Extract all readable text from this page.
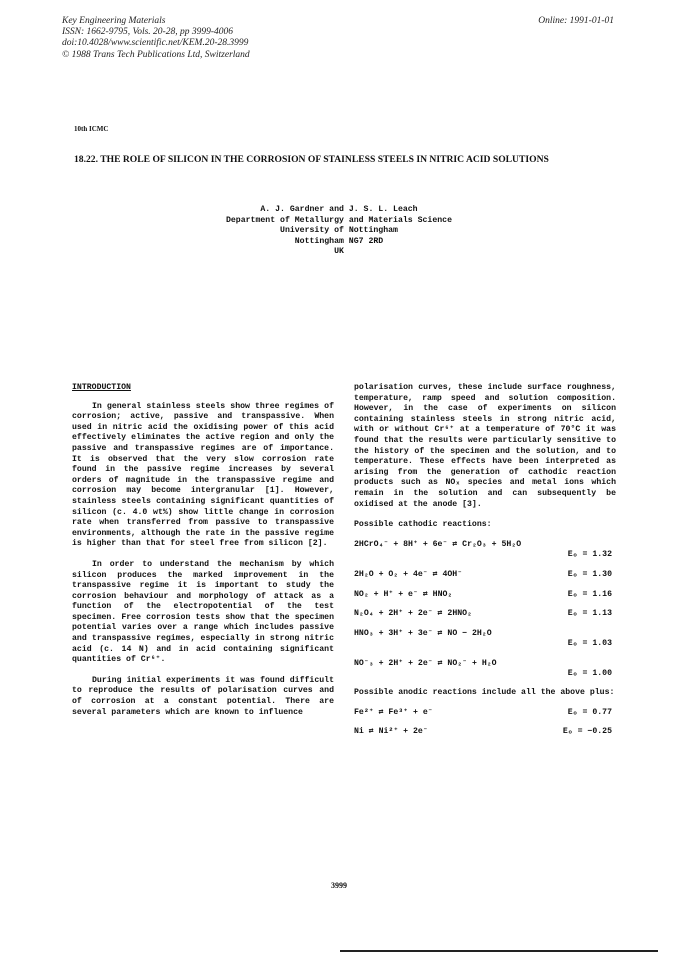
Key Engineering Materials
ISSN: 1662-9795, Vols. 20-28, pp 3999-4006
doi:10.4028/www.scientific.net/KEM.20-28.3999
© 1988 Trans Tech Publications Ltd, Switzerland
Online: 1991-01-01
10th ICMC
18.22. THE ROLE OF SILICON IN THE CORROSION OF STAINLESS STEELS IN NITRIC ACID SOLUTIONS
A. J. Gardner and J. S. L. Leach
Department of Metallurgy and Materials Science
University of Nottingham
Nottingham NG7 2RD
UK
INTRODUCTION

In general stainless steels show three regimes of corrosion; active, passive and transpassive. When used in nitric acid the oxidising power of this acid effectively eliminates the active region and only the passive and transpassive regimes are of importance. It is observed that the very slow corrosion rate found in the passive regime increases by several orders of magnitude in the transpassive regime and corrosion may become intergranular [1]. However, stainless steels containing significant quantities of silicon (c. 4.0 wt%) show little change in corrosion rate when transferred from passive to transpassive environments, although the rate in the passive regime is higher than that for steel free from silicon [2].

In order to understand the mechanism by which silicon produces the marked improvement in the transpassive regime it is important to study the corrosion behaviour and morphology of attack as a function of the electropotential of the test specimen. Free corrosion tests show that the specimen potential varies over a range which includes passive and transpassive regimes, especially in strong nitric acid (c. 14 N) and in acid containing significant quantities of Cr⁶⁺.

During initial experiments it was found difficult to reproduce the results of polarisation curves and of corrosion at a constant potential. There are several parameters which are known to influence

polarisation curves, these include surface roughness, temperature, ramp speed and solution composition. However, in the case of experiments on silicon containing stainless steels in strong nitric acid, with or without Cr⁶⁺ at a temperature of 70°C it was found that the results were particularly sensitive to the history of the specimen and the solution, and to temperature. These effects have been interpreted as arising from the generation of cathodic reaction products such as NOₓ species and metal ions which remain in the solution and can subsequently be oxidised at the anode [3].

Possible cathodic reactions:
2HCrO₄⁻ + 8H⁺ + 6e⁻ ⇄ Cr₂O₃ + 5H₂O
Eₒ = 1.32
2H₂O + O₂ + 4e⁻ ⇄ 4OH⁻	Eₒ = 1.30
NO₂ + H⁺ + e⁻ ⇄ HNO₂	Eₒ = 1.16
N₂O₄ + 2H⁺ + 2e⁻ ⇄ 2HNO₂	Eₒ = 1.13
HNO₃ + 3H⁺ + 3e⁻ ⇄ NO − 2H₂O
Eₒ = 1.03
NO⁻₃ + 2H⁺ + 2e⁻ ⇄ NO₂⁻ + H₂O
Eₒ = 1.00
Possible anodic reactions include all the above plus:
Fe²⁺ ⇄ Fe³⁺ + e⁻	Eₒ = 0.77
Ni ⇄ Ni²⁺ + 2e⁻	Eₒ = −0.25
3999
